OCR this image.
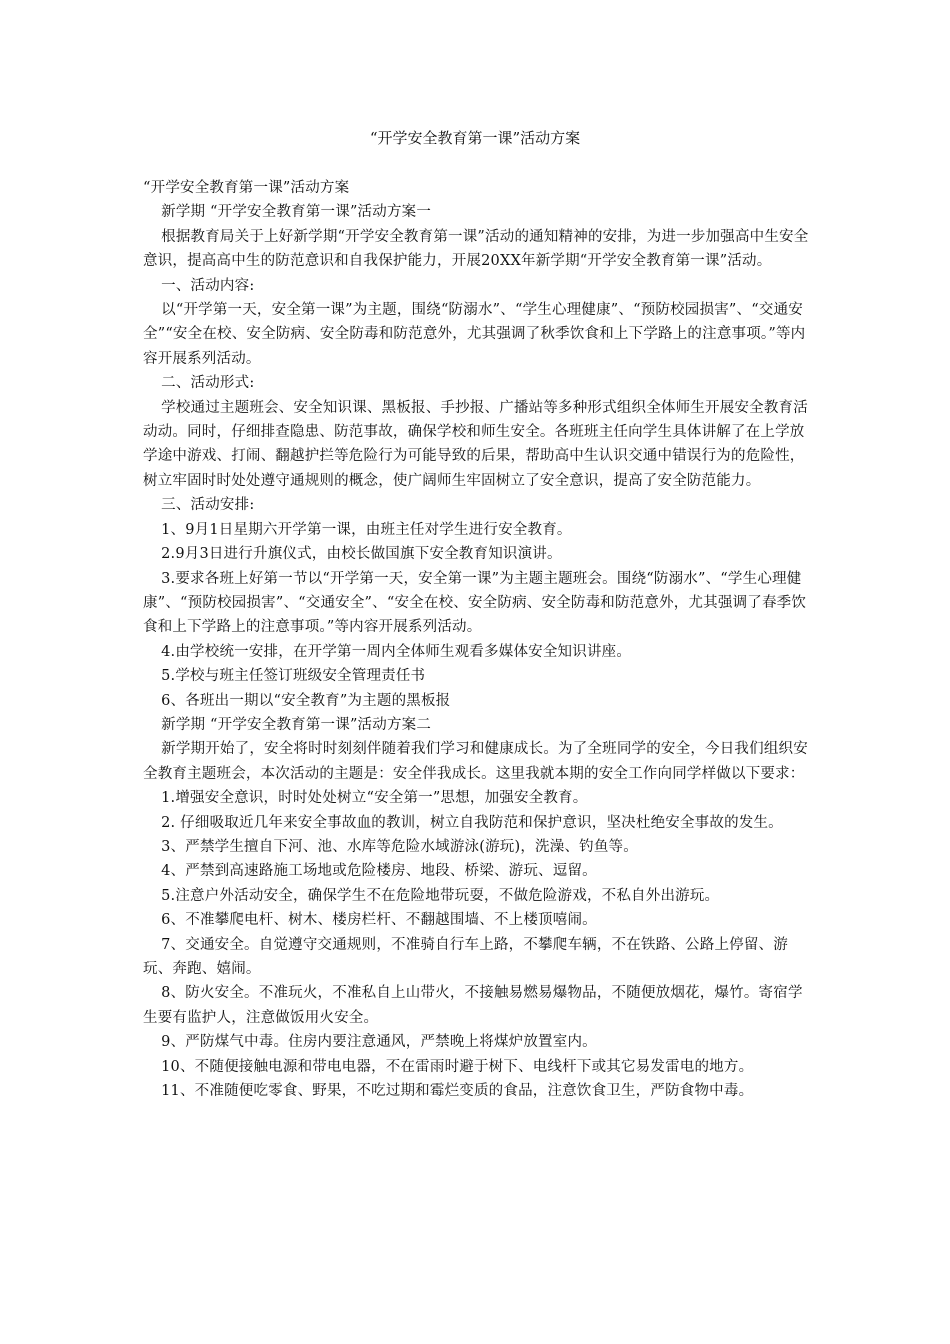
“开学安全教育第一课”活动方案

“开学安全教育第一课”活动方案

新学期 “开学安全教育第一课”活动方案一

根据教育局关于上好新学期“开学安全教育第一课”活动的通知精神的安排，为进一步加强高中生安全意识，提高高中生的防范意识和自我保护能力，开展20XX年新学期“开学安全教育第一课”活动。

一、活动内容:

以“开学第一天，安全第一课”为主题，围绕“防溺水”、“学生心理健康”、“预防校园损害”、“交通安全”“安全在校、安全防病、安全防毒和防范意外，尤其强调了秋季饮食和上下学路上的注意事项。”等内容开展系列活动。

二、活动形式:

学校通过主题班会、安全知识课、黑板报、手抄报、广播站等多种形式组织全体师生开展安全教育活动动。同时，仔细排查隐患、防范事故，确保学校和师生安全。各班班主任向学生具体讲解了在上学放学途中游戏、打闹、翻越护拦等危险行为可能导致的后果，帮助高中生认识交通中错误行为的危险性，树立牢固时时处处遵守通规则的概念，使广阔师生牢固树立了安全意识，提高了安全防范能力。

三、活动安排:

1、9月1日星期六开学第一课，由班主任对学生进行安全教育。

2.9月3日进行升旗仪式，由校长做国旗下安全教育知识演讲。

3.要求各班上好第一节以“开学第一天，安全第一课”为主题主题班会。围绕“防溺水”、“学生心理健康”、“预防校园损害”、“交通安全”、“安全在校、安全防病、安全防毒和防范意外，尤其强调了春季饮食和上下学路上的注意事项。”等内容开展系列活动。

4.由学校统一安排，在开学第一周内全体师生观看多媒体安全知识讲座。

5.学校与班主任签订班级安全管理责任书

6、各班出一期以“安全教育”为主题的黑板报

新学期 “开学安全教育第一课”活动方案二

新学期开始了，安全将时时刻刻伴随着我们学习和健康成长。为了全班同学的安全，今日我们组织安全教育主题班会，本次活动的主题是：安全伴我成长。这里我就本期的安全工作向同学样做以下要求：

1.增强安全意识，时时处处树立“安全第一”思想，加强安全教育。

2. 仔细吸取近几年来安全事故血的教训，树立自我防范和保护意识，坚决杜绝安全事故的发生。

3、严禁学生擅自下河、池、水库等危险水域游泳(游玩)，洗澡、钓鱼等。

4、严禁到高速路施工场地或危险楼房、地段、桥梁、游玩、逗留。

5.注意户外活动安全，确保学生不在危险地带玩耍，不做危险游戏，不私自外出游玩。

6、不准攀爬电杆、树木、楼房栏杆、不翻越围墙、不上楼顶嘻闹。

7、交通安全。自觉遵守交通规则，不准骑自行车上路，不攀爬车辆，不在铁路、公路上停留、游玩、奔跑、嬉闹。

8、防火安全。不准玩火，不准私自上山带火，不接触易燃易爆物品，不随便放烟花，爆竹。寄宿学生要有监护人，注意做饭用火安全。

9、严防煤气中毒。住房内要注意通风，严禁晚上将煤炉放置室内。

10、不随便接触电源和带电电器，不在雷雨时避于树下、电线杆下或其它易发雷电的地方。

11、不准随便吃零食、野果，不吃过期和霉烂变质的食品，注意饮食卫生，严防食物中毒。
